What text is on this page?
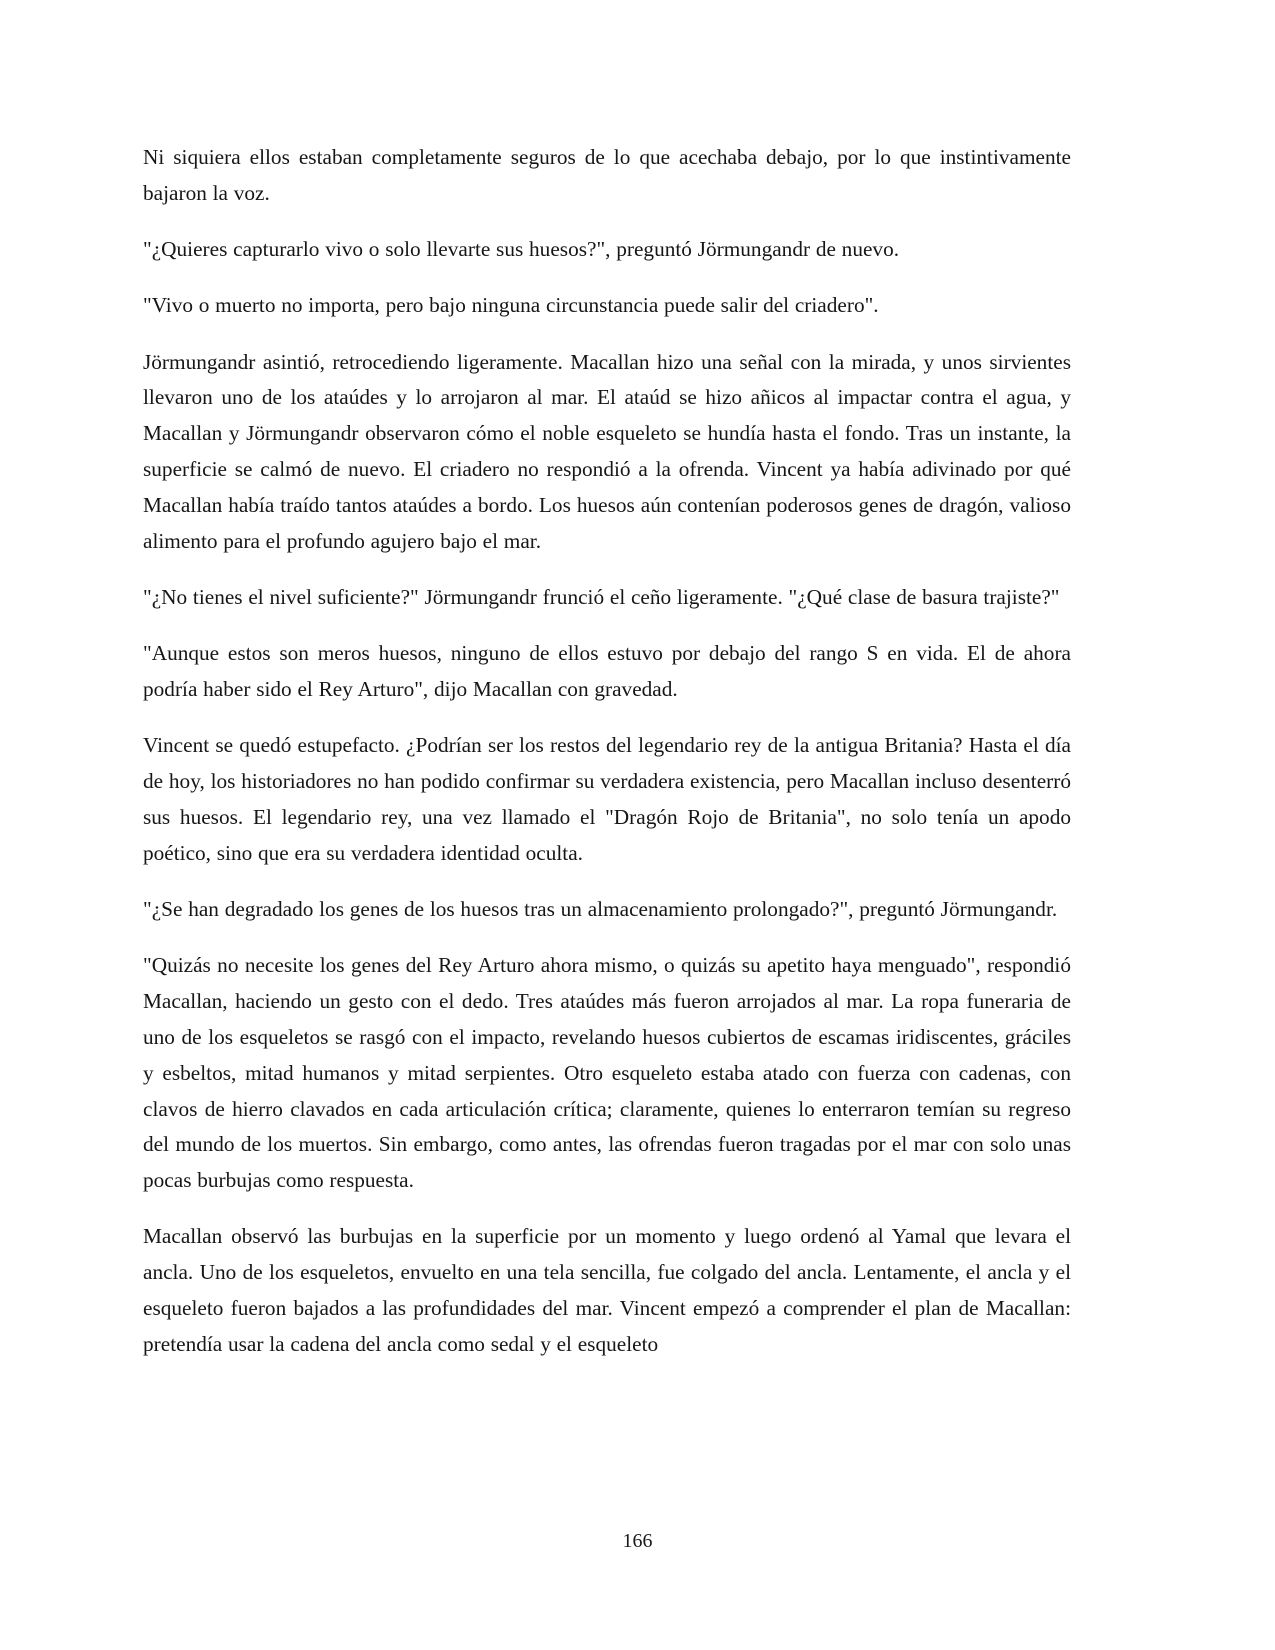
Ni siquiera ellos estaban completamente seguros de lo que acechaba debajo, por lo que instintivamente bajaron la voz.

"¿Quieres capturarlo vivo o solo llevarte sus huesos?", preguntó Jörmungandr de nuevo.

"Vivo o muerto no importa, pero bajo ninguna circunstancia puede salir del criadero".

Jörmungandr asintió, retrocediendo ligeramente. Macallan hizo una señal con la mirada, y unos sirvientes llevaron uno de los ataúdes y lo arrojaron al mar. El ataúd se hizo añicos al impactar contra el agua, y Macallan y Jörmungandr observaron cómo el noble esqueleto se hundía hasta el fondo. Tras un instante, la superficie se calmó de nuevo. El criadero no respondió a la ofrenda. Vincent ya había adivinado por qué Macallan había traído tantos ataúdes a bordo. Los huesos aún contenían poderosos genes de dragón, valioso alimento para el profundo agujero bajo el mar.

"¿No tienes el nivel suficiente?" Jörmungandr frunció el ceño ligeramente. "¿Qué clase de basura trajiste?"

"Aunque estos son meros huesos, ninguno de ellos estuvo por debajo del rango S en vida. El de ahora podría haber sido el Rey Arturo", dijo Macallan con gravedad.

Vincent se quedó estupefacto. ¿Podrían ser los restos del legendario rey de la antigua Britania? Hasta el día de hoy, los historiadores no han podido confirmar su verdadera existencia, pero Macallan incluso desenterró sus huesos. El legendario rey, una vez llamado el "Dragón Rojo de Britania", no solo tenía un apodo poético, sino que era su verdadera identidad oculta.

"¿Se han degradado los genes de los huesos tras un almacenamiento prolongado?", preguntó Jörmungandr.

"Quizás no necesite los genes del Rey Arturo ahora mismo, o quizás su apetito haya menguado", respondió Macallan, haciendo un gesto con el dedo. Tres ataúdes más fueron arrojados al mar. La ropa funeraria de uno de los esqueletos se rasgó con el impacto, revelando huesos cubiertos de escamas iridiscentes, gráciles y esbeltos, mitad humanos y mitad serpientes. Otro esqueleto estaba atado con fuerza con cadenas, con clavos de hierro clavados en cada articulación crítica; claramente, quienes lo enterraron temían su regreso del mundo de los muertos. Sin embargo, como antes, las ofrendas fueron tragadas por el mar con solo unas pocas burbujas como respuesta.

Macallan observó las burbujas en la superficie por un momento y luego ordenó al Yamal que levara el ancla. Uno de los esqueletos, envuelto en una tela sencilla, fue colgado del ancla. Lentamente, el ancla y el esqueleto fueron bajados a las profundidades del mar. Vincent empezó a comprender el plan de Macallan: pretendía usar la cadena del ancla como sedal y el esqueleto

166
